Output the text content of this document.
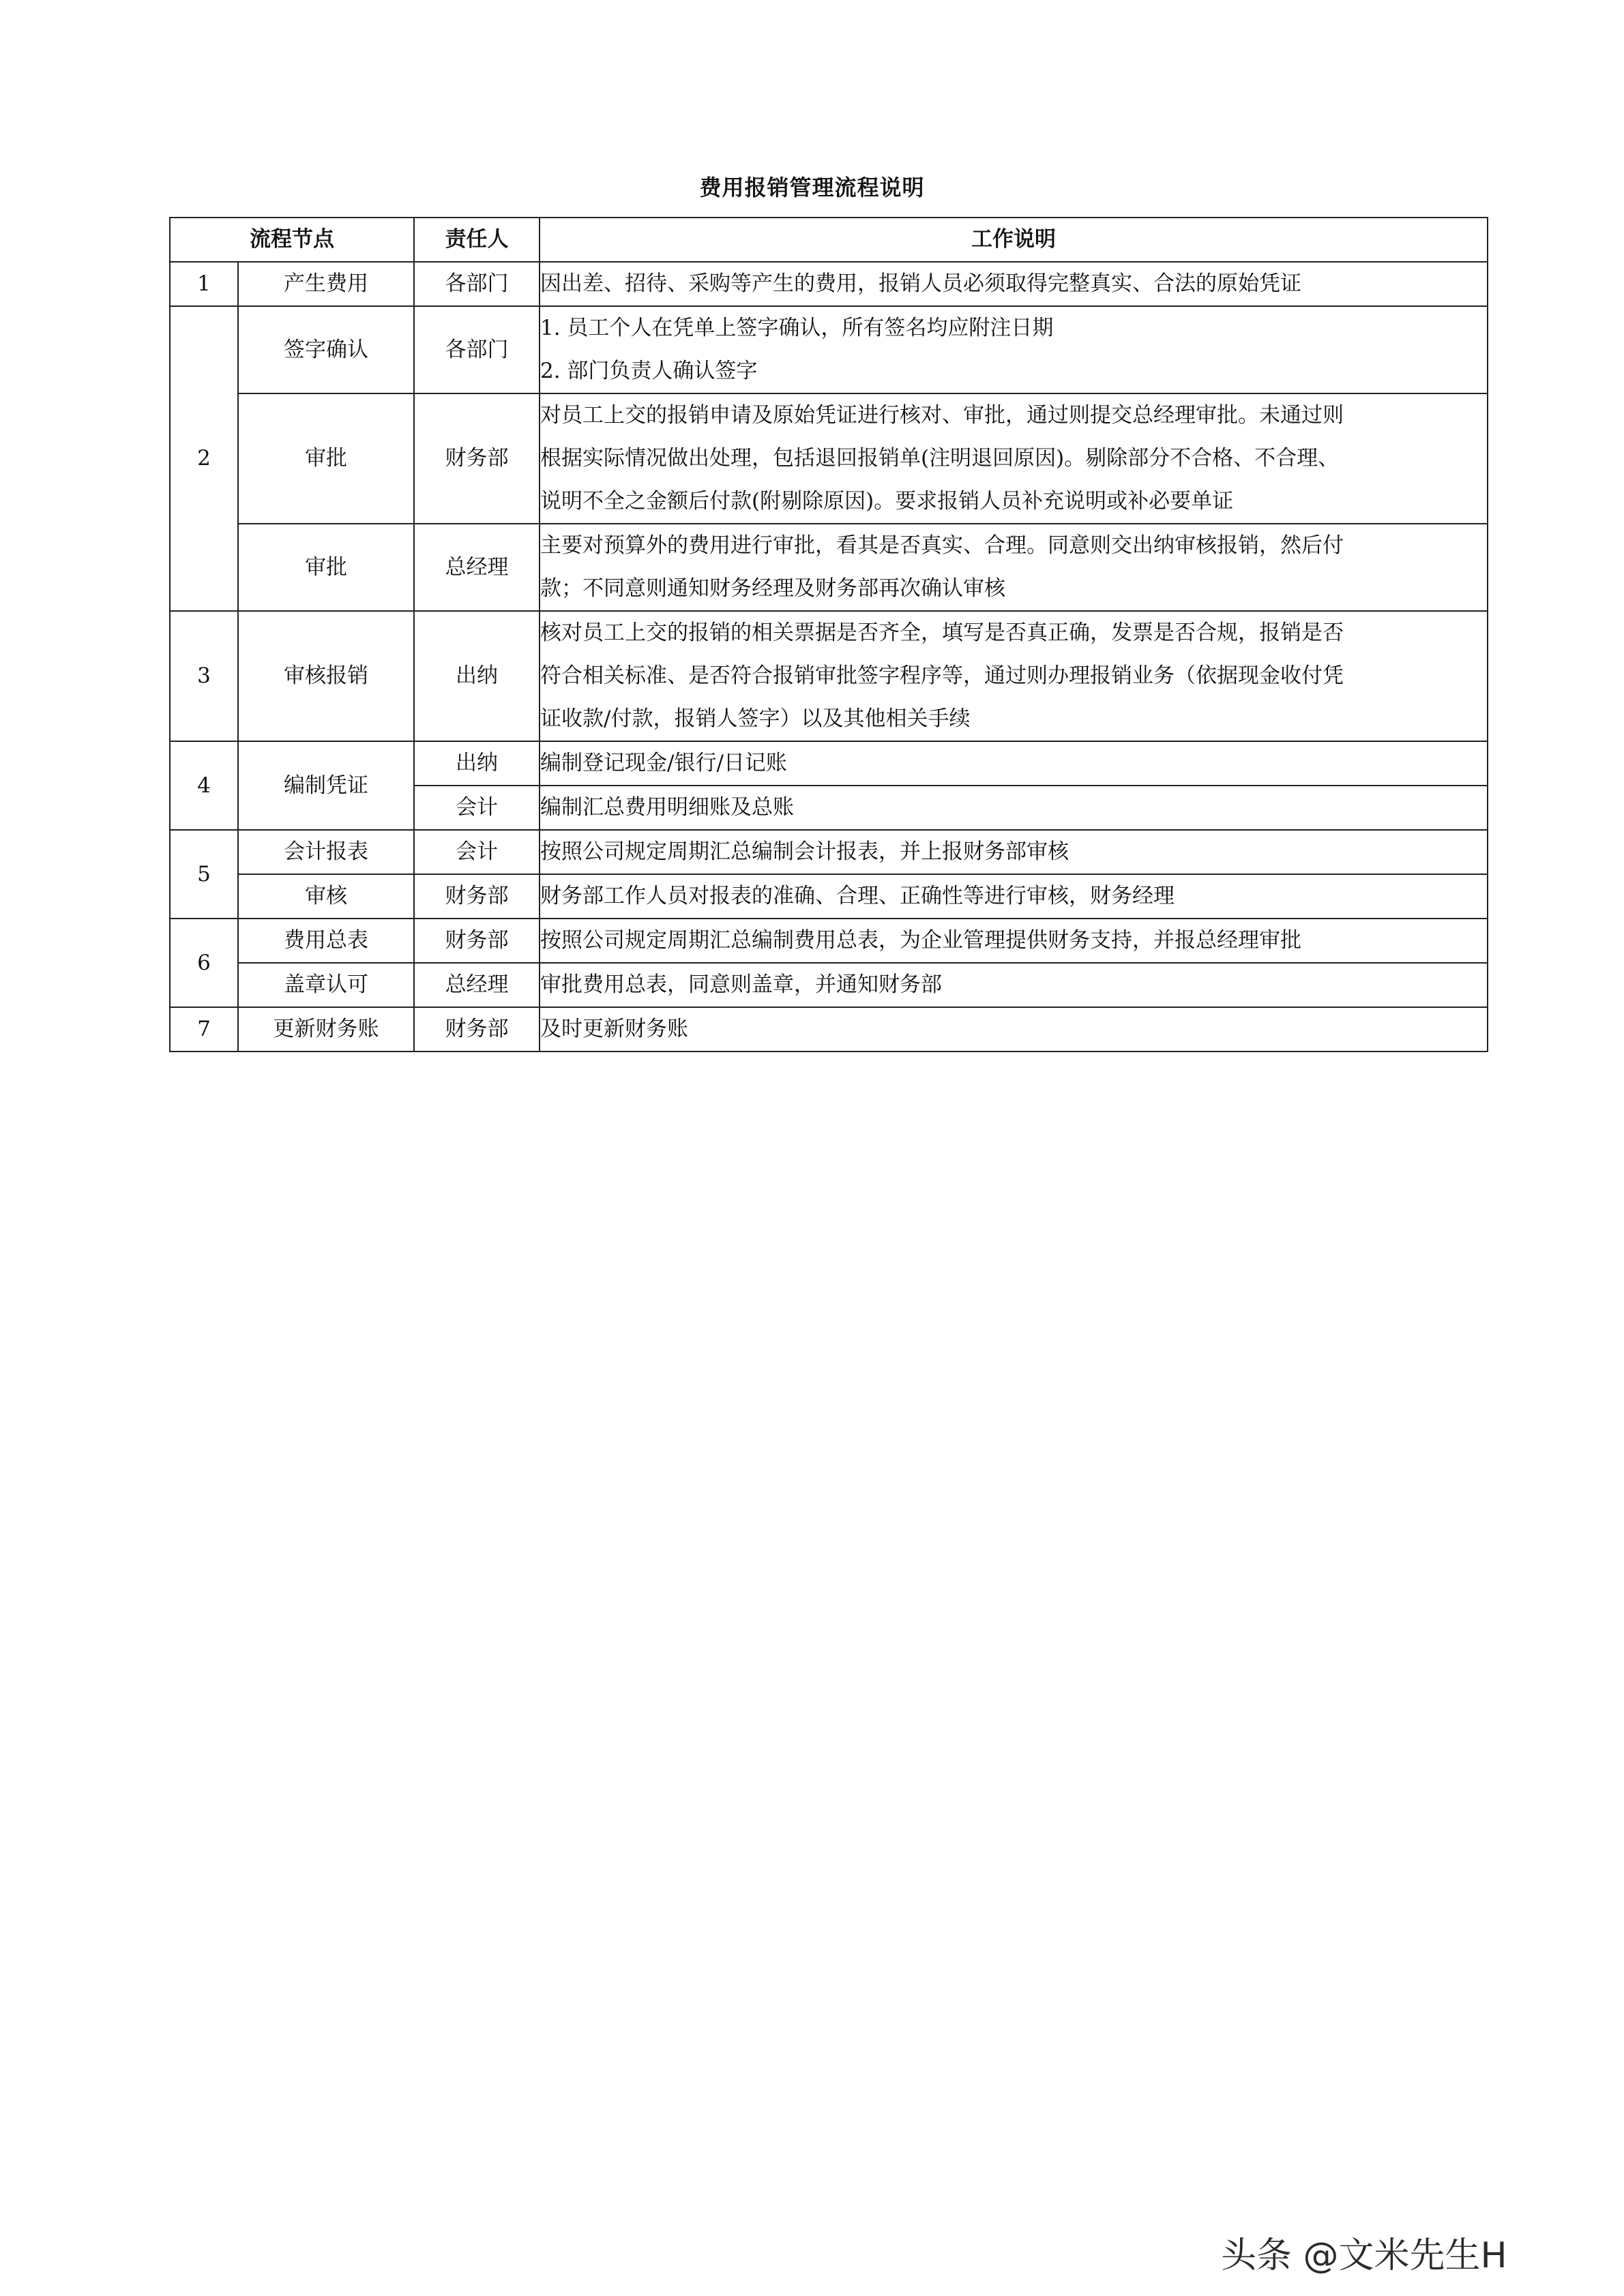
费用报销管理流程说明
流程节点		责任人	工作说明
1	产生费用	各部门	因出差、招待、采购等产生的费用，报销人员必须取得完整真实、合法的原始凭证

2	签字确认	各部门	1. 员工个人在凭单上签字确认，所有签名均应附注日期
2. 部门负责人确认签字

	审批	财务部	对员工上交的报销申请及原始凭证进行核对、审批，通过则提交总经理审批。未通过则
根据实际情况做出处理，包括退回报销单(注明退回原因)。剔除部分不合格、不合理、
说明不全之金额后付款(附剔除原因)。要求报销人员补充说明或补必要单证

	审批	总经理	主要对预算外的费用进行审批，看其是否真实、合理。同意则交出纳审核报销，然后付
款；不同意则通知财务经理及财务部再次确认审核

3	审核报销	出纳	核对员工上交的报销的相关票据是否齐全，填写是否真正确，发票是否合规，报销是否
符合相关标准、是否符合报销审批签字程序等，通过则办理报销业务（依据现金收付凭
证收款/付款，报销人签字）以及其他相关手续

4	编制凭证	出纳	编制登记现金/银行/日记账

		会计	编制汇总费用明细账及总账

5	会计报表	会计	按照公司规定周期汇总编制会计报表，并上报财务部审核

	审核	财务部	财务部工作人员对报表的准确、合理、正确性等进行审核，财务经理

6	费用总表	财务部	按照公司规定周期汇总编制费用总表，为企业管理提供财务支持，并报总经理审批

	盖章认可	总经理	审批费用总表，同意则盖章，并通知财务部

7	更新财务账	财务部	及时更新财务账
头条 @文米先生H
